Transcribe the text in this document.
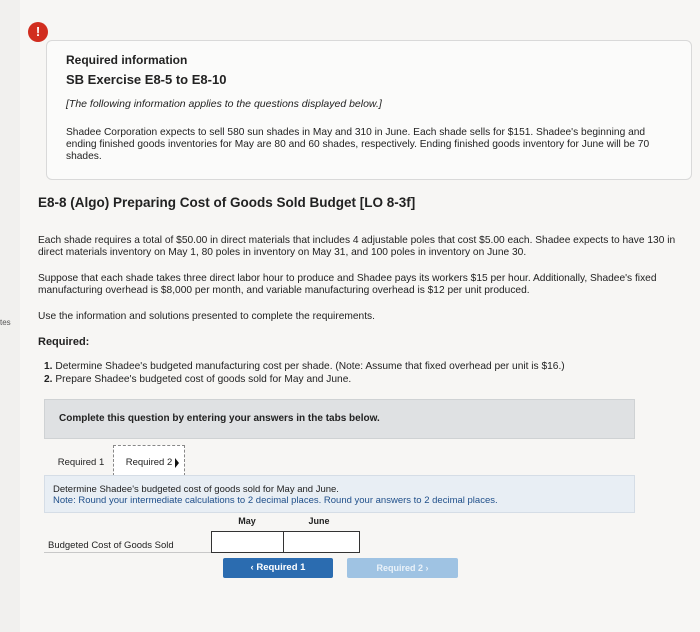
tes
!
Required information
SB Exercise E8-5 to E8-10
[The following information applies to the questions displayed below.]
Shadee Corporation expects to sell 580 sun shades in May and 310 in June. Each shade sells for $151. Shadee's beginning and ending finished goods inventories for May are 80 and 60 shades, respectively. Ending finished goods inventory for June will be 70 shades.
E8-8 (Algo) Preparing Cost of Goods Sold Budget [LO 8-3f]
Each shade requires a total of $50.00 in direct materials that includes 4 adjustable poles that cost $5.00 each. Shadee expects to have 130 in direct materials inventory on May 1, 80 poles in inventory on May 31, and 100 poles in inventory on June 30.
Suppose that each shade takes three direct labor hour to produce and Shadee pays its workers $15 per hour. Additionally, Shadee's fixed manufacturing overhead is $8,000 per month, and variable manufacturing overhead is $12 per unit produced.
Use the information and solutions presented to complete the requirements.
Required:
1. Determine Shadee's budgeted manufacturing cost per shade. (Note: Assume that fixed overhead per unit is $16.)
2. Prepare Shadee's budgeted cost of goods sold for May and June.
Complete this question by entering your answers in the tabs below.
Required 1	Required 2
Determine Shadee's budgeted cost of goods sold for May and June.
Note: Round your intermediate calculations to 2 decimal places. Round your answers to 2 decimal places.
May	June
Budgeted Cost of Goods Sold
‹ Required 1	Required 2 ›
